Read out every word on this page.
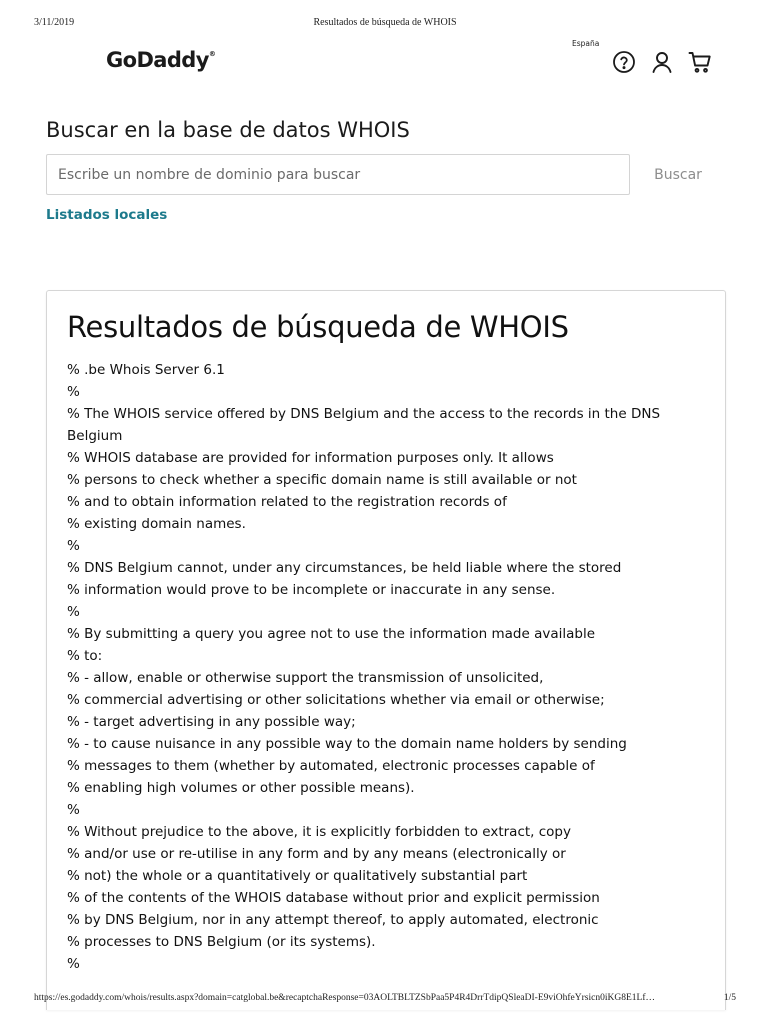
3/11/2019	Resultados de búsqueda de WHOIS
GoDaddy®
España
Buscar en la base de datos WHOIS
Escribe un nombre de dominio para buscar
Buscar
Listados locales
Resultados de búsqueda de WHOIS
% .be Whois Server 6.1
%
% The WHOIS service offered by DNS Belgium and the access to the records in the DNS
Belgium
% WHOIS database are provided for information purposes only. It allows
% persons to check whether a specific domain name is still available or not
% and to obtain information related to the registration records of
% existing domain names.
%
% DNS Belgium cannot, under any circumstances, be held liable where the stored
% information would prove to be incomplete or inaccurate in any sense.
%
% By submitting a query you agree not to use the information made available
% to:
% - allow, enable or otherwise support the transmission of unsolicited,
% commercial advertising or other solicitations whether via email or otherwise;
% - target advertising in any possible way;
% - to cause nuisance in any possible way to the domain name holders by sending
% messages to them (whether by automated, electronic processes capable of
% enabling high volumes or other possible means).
%
% Without prejudice to the above, it is explicitly forbidden to extract, copy
% and/or use or re-utilise in any form and by any means (electronically or
% not) the whole or a quantitatively or qualitatively substantial part
% of the contents of the WHOIS database without prior and explicit permission
% by DNS Belgium, nor in any attempt thereof, to apply automated, electronic
% processes to DNS Belgium (or its systems).
%
https://es.godaddy.com/whois/results.aspx?domain=catglobal.be&recaptchaResponse=03AOLTBLTZSbPaa5P4R4DrrTdipQSleaDI-E9viOhfeYrsicn0iKG8E1Lf…	1/5
